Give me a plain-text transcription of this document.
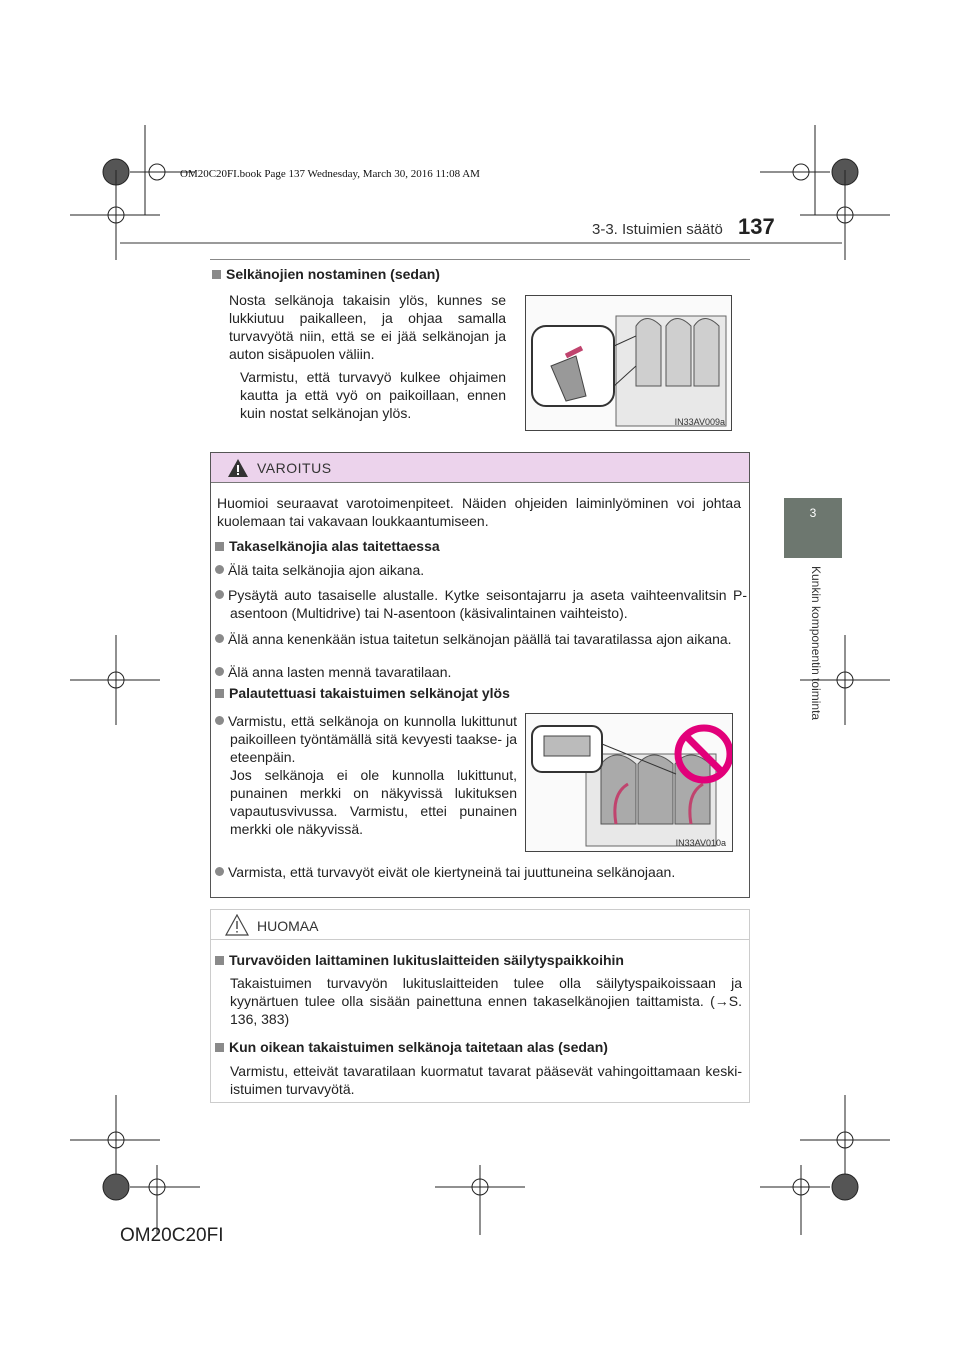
OM20C20FI.book Page 137 Wednesday, March 30, 2016 11:08 AM
3-3. Istuimien säätö 137
3
Kunkin komponentin toiminta
Selkänojien nostaminen (sedan)
Nosta selkänoja takaisin ylös, kunnes se lukkiutuu paikalleen, ja ohjaa samalla turvavyötä niin, että se ei jää selkänojan ja auton sisäpuolen väliin.
Varmistu, että turvavyö kulkee ohjaimen kautta ja että vyö on paikoillaan, ennen kuin nostat selkänojan ylös.
IN33AV009a
VAROITUS
Huomioi seuraavat varotoimenpiteet. Näiden ohjeiden laiminlyöminen voi johtaa kuolemaan tai vakavaan loukkaantumiseen.
Takaselkänojia alas taitettaessa
Älä taita selkänojia ajon aikana.
Pysäytä auto tasaiselle alustalle. Kytke seisontajarru ja aseta vaihteenvalitsin P-asentoon (Multidrive) tai N-asentoon (käsivalintainen vaihteisto).
Älä anna kenenkään istua taitetun selkänojan päällä tai tavaratilassa ajon aikana.
Älä anna lasten mennä tavaratilaan.
Palautettuasi takaistuimen selkänojat ylös
Varmistu, että selkänoja on kunnolla lukittunut paikoilleen työntämällä sitä kevyesti taakse- ja eteenpäin.
Jos selkänoja ei ole kunnolla lukittunut, punainen merkki on näkyvissä lukituksen vapautusvivussa. Varmistu, ettei punainen merkki ole näkyvissä.
IN33AV010a
Varmista, että turvavyöt eivät ole kiertyneinä tai juuttuneina selkänojaan.
HUOMAA
Turvavöiden laittaminen lukituslaitteiden säilytyspaikkoihin
Takaistuimen turvavyön lukituslaitteiden tulee olla säilytyspaikoissaan ja kyynärtuen tulee olla sisään painettuna ennen takaselkänojien taittamista. (→S. 136, 383)
Kun oikean takaistuimen selkänoja taitetaan alas (sedan)
Varmistu, etteivät tavaratilaan kuormatut tavarat pääsevät vahingoittamaan keski-istuimen turvavyötä.
OM20C20FI
